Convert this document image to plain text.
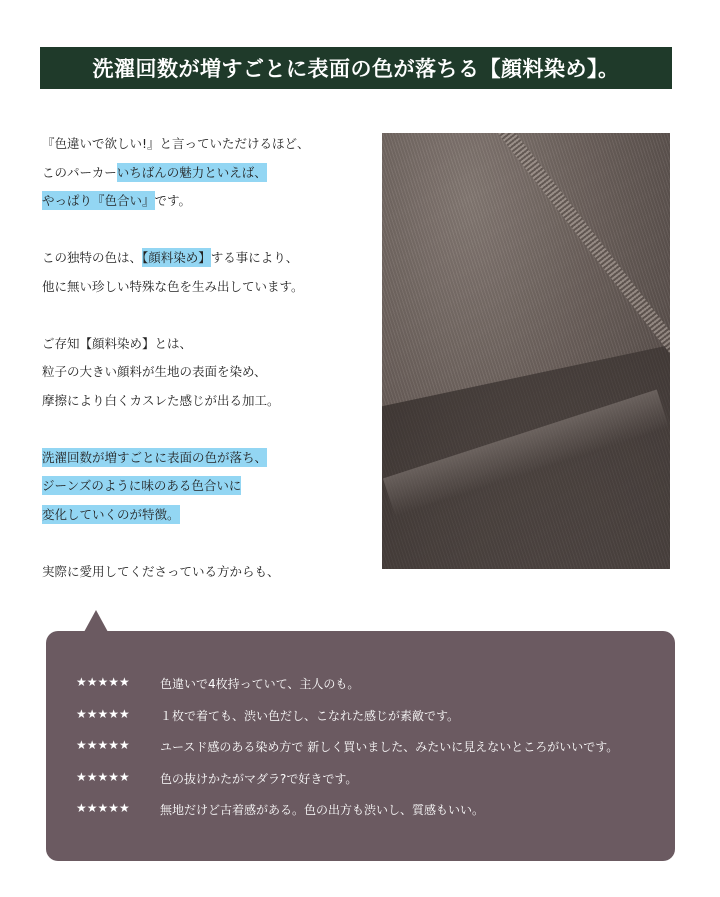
洗濯回数が増すごとに表面の色が落ちる【顔料染め】。
『色違いで欲しい!』と言っていただけるほど、
このパーカーいちばんの魅力といえば、
やっぱり『色合い』です。
この独特の色は、【顔料染め】する事により、
他に無い珍しい特殊な色を生み出しています。
ご存知【顔料染め】とは、
粒子の大きい顔料が生地の表面を染め、
摩擦により白くカスレた感じが出る加工。
洗濯回数が増すごとに表面の色が落ち、
ジーンズのように味のある色合いに
変化していくのが特徴。
実際に愛用してくださっている方からも、
★★★★★	色違いで4枚持っていて、主人のも。
★★★★★	１枚で着ても、渋い色だし、こなれた感じが素敵です。
★★★★★	ユースド感のある染め方で 新しく買いました、みたいに見えないところがいいです。
★★★★★	色の抜けかたがマダラ?で好きです。
★★★★★	無地だけど古着感がある。色の出方も渋いし、質感もいい。
